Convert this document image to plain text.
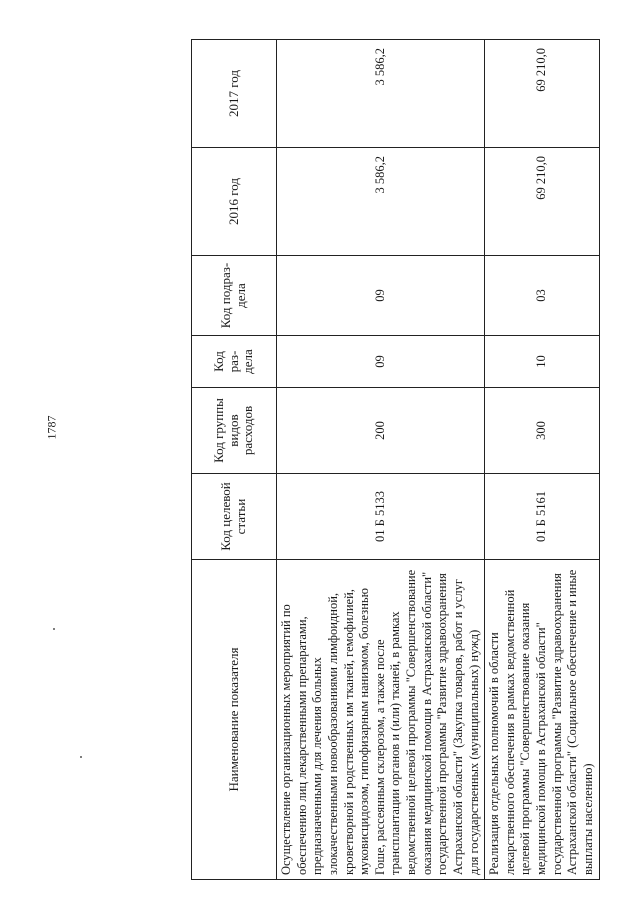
1787
Наименование показателя	Код целевой статьи	Код группы видов расходов	Код раз-дела	Код подраз-дела	2016 год	2017 год
Осуществление организационных мероприятий по обеспечению лиц лекарственными препаратами, предназначенными для лечения больных злокачественными новообразованиями лимфоидной, кроветворной и родственных им тканей, гемофилией, муковисцидозом, гипофизарным нанизмом, болезнью Гоше, рассеянным склерозом, а также после трансплантации органов и (или) тканей, в рамках ведомственной целевой программы "Совершенствование оказания медицинской помощи в Астраханской области" государственной программы "Развитие здравоохранения Астраханской области" (Закупка товаров, работ и услуг для государственных (муниципальных) нужд)	01 Б 5133	200	09	09	3 586,2	3 586,2
Реализация отдельных полномочий в области лекарственного обеспечения в рамках ведомственной целевой программы "Совершенствование оказания медицинской помощи в Астраханской области" государственной программы "Развитие здравоохранения Астраханской области" (Социальное обеспечение и иные выплаты населению)	01 Б 5161	300	10	03	69 210,0	69 210,0
